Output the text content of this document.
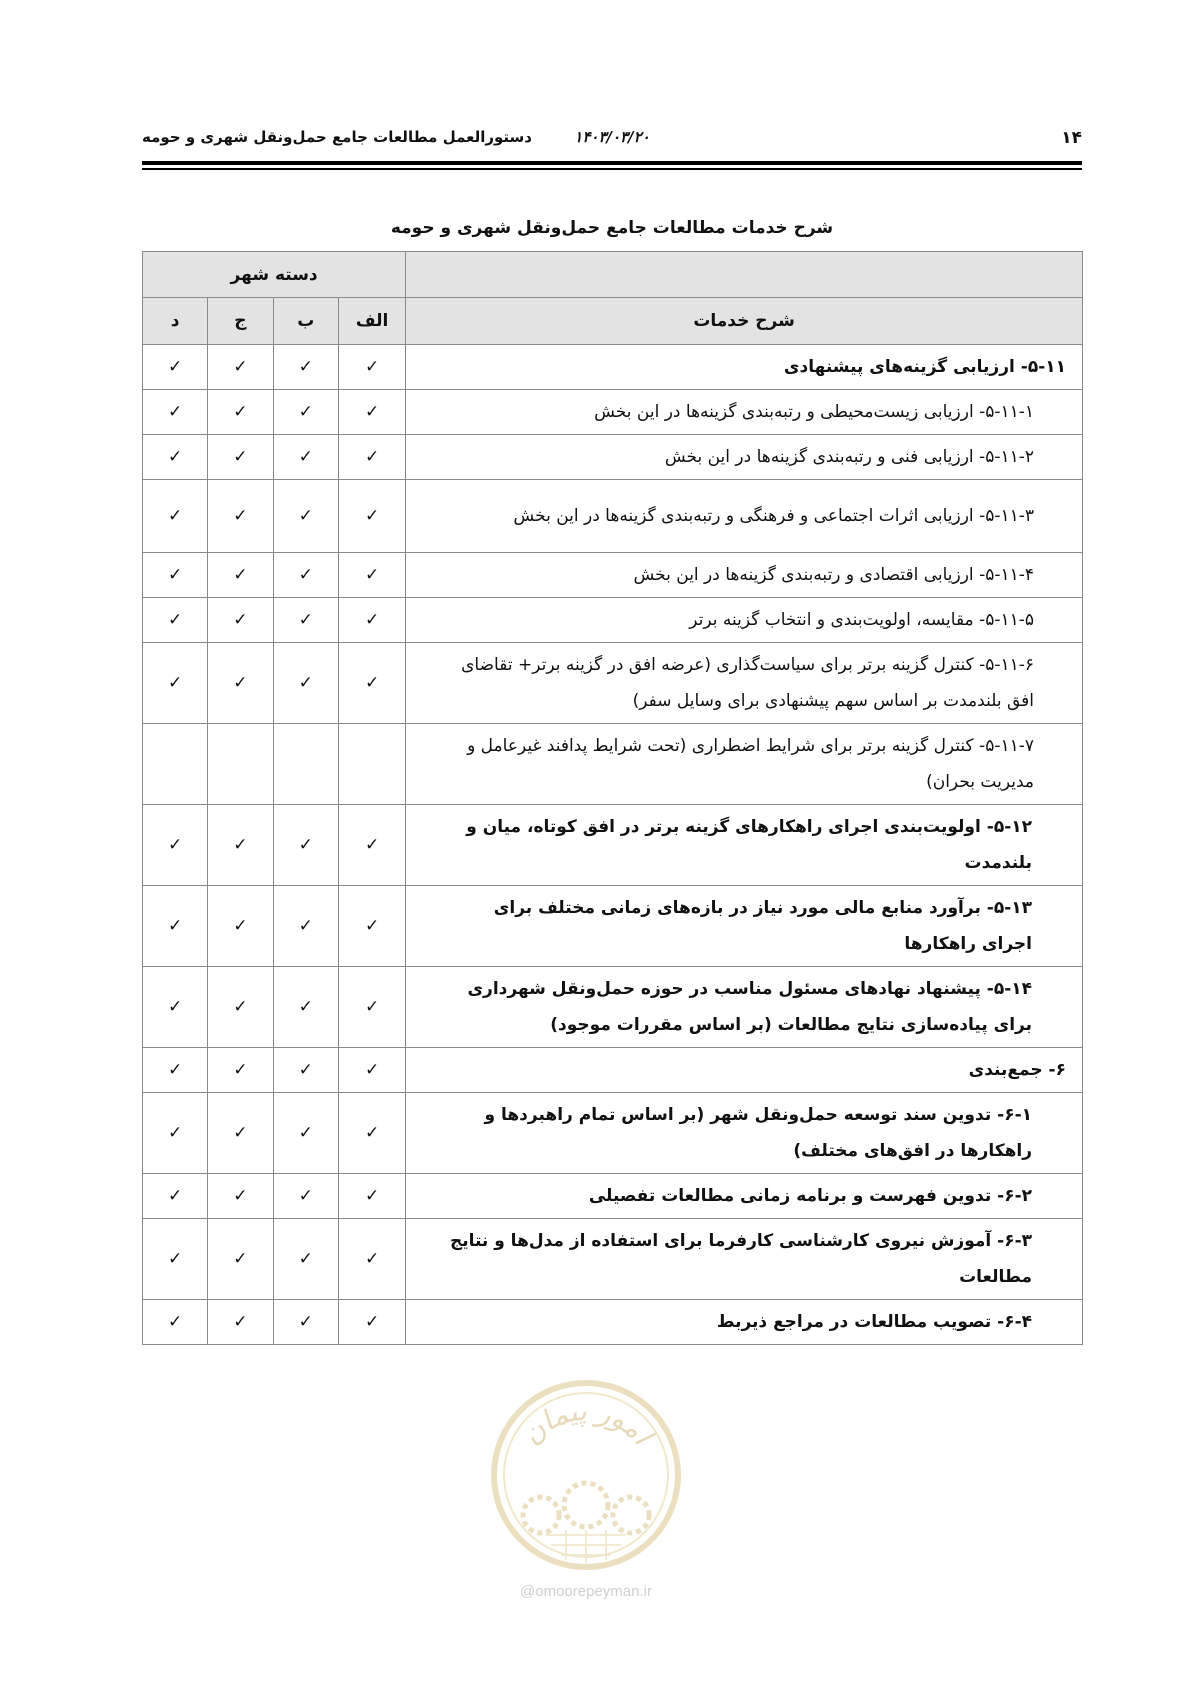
۱۴
۱۴۰۳/۰۳/۲۰
دستورالعمل مطالعات جامع حمل‌ونقل شهری و حومه
شرح خدمات مطالعات جامع حمل‌ونقل شهری و حومه
	دسته شهر			
شرح خدمات	الف	ب	ج	د
۵-۱۱- ارزیابی گزینه‌های پیشنهادی	✓	✓	✓	✓
۵-۱۱-۱- ارزیابی زیست‌محیطی و رتبه‌بندی گزینه‌ها در این بخش	✓	✓	✓	✓
۵-۱۱-۲- ارزیابی فنی و رتبه‌بندی گزینه‌ها در این بخش	✓	✓	✓	✓
۵-۱۱-۳- ارزیابی اثرات اجتماعی و فرهنگی و رتبه‌بندی گزینه‌ها در این بخش	✓	✓	✓	✓
۵-۱۱-۴- ارزیابی اقتصادی و رتبه‌بندی گزینه‌ها در این بخش	✓	✓	✓	✓
۵-۱۱-۵- مقایسه، اولویت‌بندی و انتخاب گزینه برتر	✓	✓	✓	✓
۵-۱۱-۶- کنترل گزینه برتر برای سیاست‌گذاری (عرضه افق در گزینه برتر+ تقاضای افق بلندمدت بر اساس سهم پیشنهادی برای وسایل سفر)	✓	✓	✓	✓
۵-۱۱-۷- کنترل گزینه برتر برای شرایط اضطراری (تحت شرایط پدافند غیرعامل و مدیریت بحران)				
۵-۱۲- اولویت‌بندی اجرای راهکارهای گزینه برتر در افق کوتاه، میان و بلندمدت	✓	✓	✓	✓
۵-۱۳- برآورد منابع مالی مورد نیاز در بازه‌های زمانی مختلف برای اجرای راهکارها	✓	✓	✓	✓
۵-۱۴- پیشنهاد نهادهای مسئول مناسب در حوزه حمل‌ونقل شهرداری برای پیاده‌سازی نتایج مطالعات (بر اساس مقررات موجود)	✓	✓	✓	✓
۶- جمع‌بندی	✓	✓	✓	✓
۶-۱- تدوین سند توسعه حمل‌ونقل شهر (بر اساس تمام راهبردها و راهکارها در افق‌های مختلف)	✓	✓	✓	✓
۶-۲- تدوین فهرست و برنامه زمانی مطالعات تفصیلی	✓	✓	✓	✓
۶-۳- آموزش نیروی کارشناسی کارفرما برای استفاده از مدل‌ها و نتایج مطالعات	✓	✓	✓	✓
۶-۴- تصویب مطالعات در مراجع ذیربط	✓	✓	✓	✓
امور پیمان
@omoorepeyman.ir
